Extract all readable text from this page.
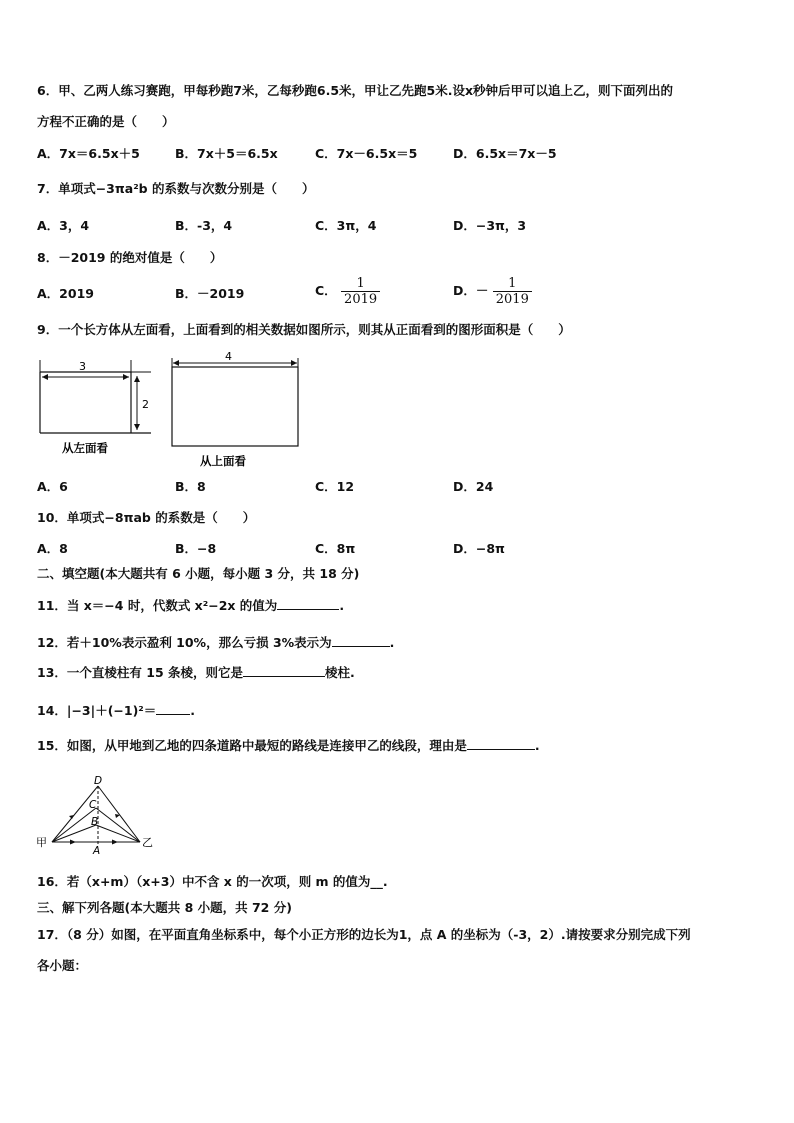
6．甲、乙两人练习赛跑，甲每秒跑7米，乙每秒跑6.5米，甲让乙先跑5米.设x秒钟后甲可以追上乙，则下面列出的
方程不正确的是（　　）
A．7x＝6.5x＋5	B．7x＋5＝6.5x	C．7x－6.5x＝5	D．6.5x＝7x－5
7．单项式−3πa²b 的系数与次数分别是（　　）
A．3，4	B．-3，4	C．3π，4	D．−3π，3
8．－2019 的绝对值是（　　）
A．2019	B．－2019	C． $\frac{1}{2019}$	D．－ $\frac{1}{2019}$
9．一个长方体从左面看，上面看到的相关数据如图所示，则其从正面看到的图形面积是（　　）
3
2
从左面看
4
从上面看
A．6	B．8	C．12	D．24
10．单项式−8πab 的系数是（　　）
A．8	B．−8	C．8π	D．−8π
二、填空题(本大题共有 6 小题，每小题 3 分，共 18 分)
11．当 x＝−4 时，代数式 x²−2x 的值为	.
12．若＋10%表示盈利 10%，那么亏损 3%表示为	.
13．一个直棱柱有 15 条棱，则它是	棱柱.
14．|−3|＋(−1)²＝	.
15．如图，从甲地到乙地的四条道路中最短的路线是连接甲乙的线段，理由是	.
甲	乙
D
C
B
A
16．若（x+m）（x+3）中不含 x 的一次项，则 m 的值为__.
三、解下列各题(本大题共 8 小题，共 72 分)
17．（8 分）如图，在平面直角坐标系中，每个小正方形的边长为1，点 A 的坐标为（-3，2）.请按要求分别完成下列
各小题：
